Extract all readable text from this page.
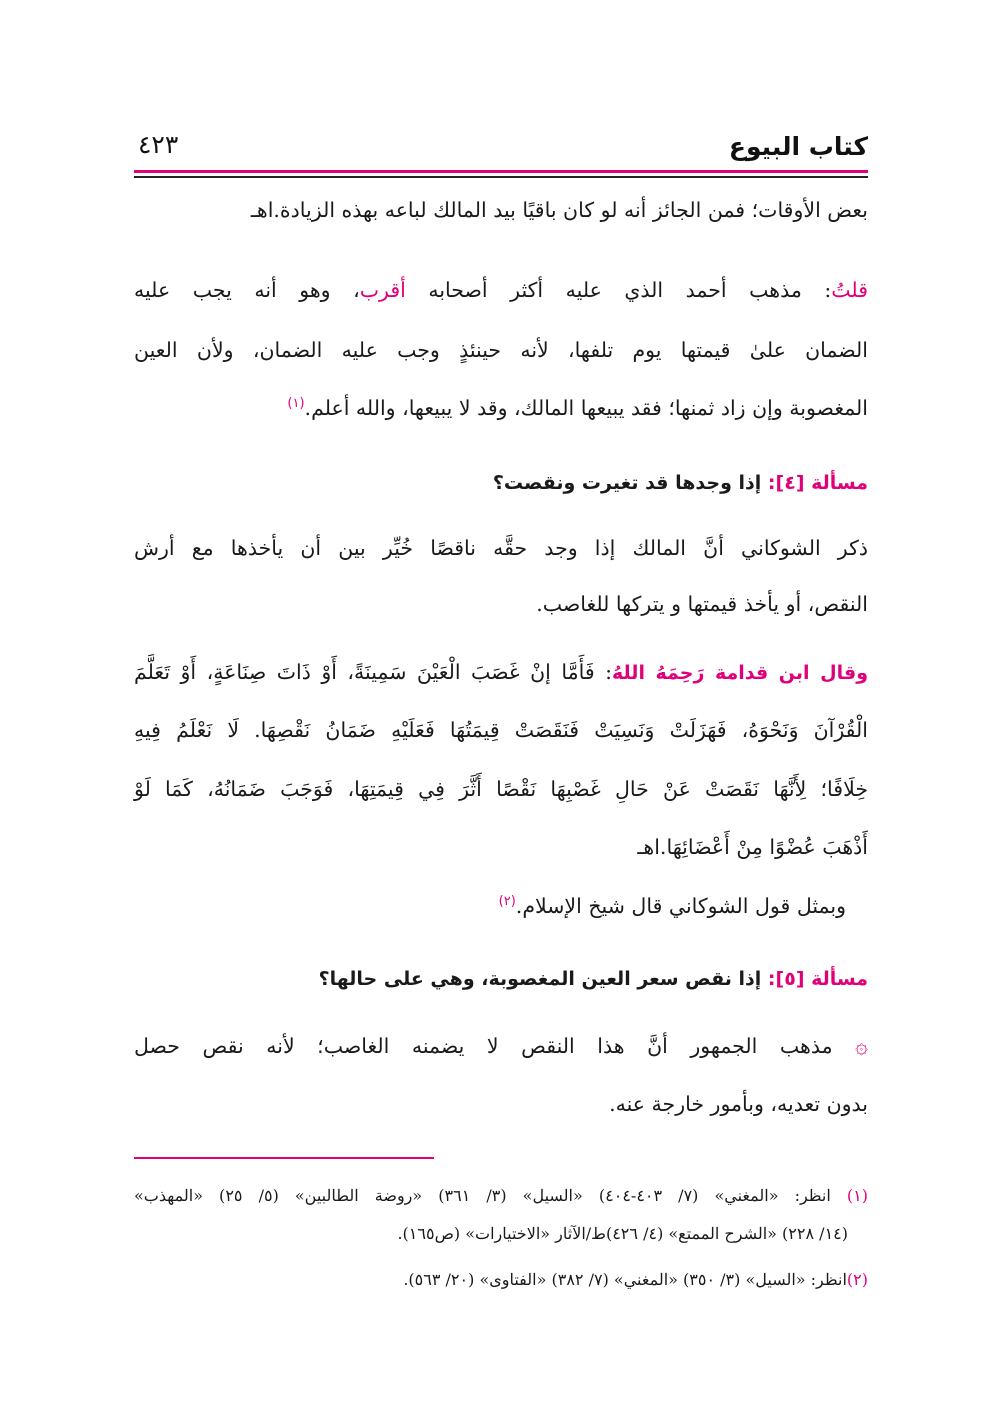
كتاب البيوع
٤٢٣
بعض الأوقات؛ فمن الجائز أنه لو كان باقيًا بيد المالك لباعه بهذه الزيادة.اهـ
قلتُ: مذهب أحمد الذي عليه أكثر أصحابه أقرب، وهو أنه يجب عليه
الضمان علىٰ قيمتها يوم تلفها، لأنه حينئذٍ وجب عليه الضمان، ولأن العين
المغصوبة وإن زاد ثمنها؛ فقد يبيعها المالك، وقد لا يبيعها، والله أعلم.$^{(١)}$
مسألة [٤]: إذا وجدها قد تغيرت ونقصت؟
ذكر الشوكاني أنَّ المالك إذا وجد حقَّه ناقصًا خُيِّر بين أن يأخذها مع أرش
النقص، أو يأخذ قيمتها و يتركها للغاصب.
وقال ابن قدامة رَحِمَهُ اللهُ: فَأَمَّا إنْ غَصَبَ الْعَيْنَ سَمِينَةً، أَوْ ذَاتَ صِنَاعَةٍ، أَوْ تَعَلَّمَ
الْقُرْآنَ وَنَحْوَهُ، فَهَزَلَتْ وَنَسِيَتْ فَنَقَصَتْ قِيمَتُهَا فَعَلَيْهِ ضَمَانُ نَقْصِهَا. لَا نَعْلَمُ فِيهِ
خِلَافًا؛ لِأَنَّهَا نَقَصَتْ عَنْ حَالِ غَصْبِهَا نَقْصًا أَثَّرَ فِي قِيمَتِهَا، فَوَجَبَ ضَمَانُهُ، كَمَا لَوْ
أَذْهَبَ عُضْوًا مِنْ أَعْضَائِهَا.اهـ
وبمثل قول الشوكاني قال شيخ الإسلام.$^{(٢)}$
مسألة [٥]: إذا نقص سعر العين المغصوبة، وهي على حالها؟
۞ مذهب الجمهور أنَّ هذا النقص لا يضمنه الغاصب؛ لأنه نقص حصل
بدون تعديه، وبأمور خارجة عنه.
(١) انظر: «المغني» (٧/ ٤٠٣-٤٠٤) «السيل» (٣/ ٣٦١) «روضة الطالبين» (٥/ ٢٥) «المهذب»
(١٤/ ٢٢٨) «الشرح الممتع» (٤/ ٤٢٦)ط/الآثار «الاختيارات» (ص١٦٥).
(٢)انظر: «السيل» (٣/ ٣٥٠) «المغني» (٧/ ٣٨٢) «الفتاوى» (٢٠/ ٥٦٣).
